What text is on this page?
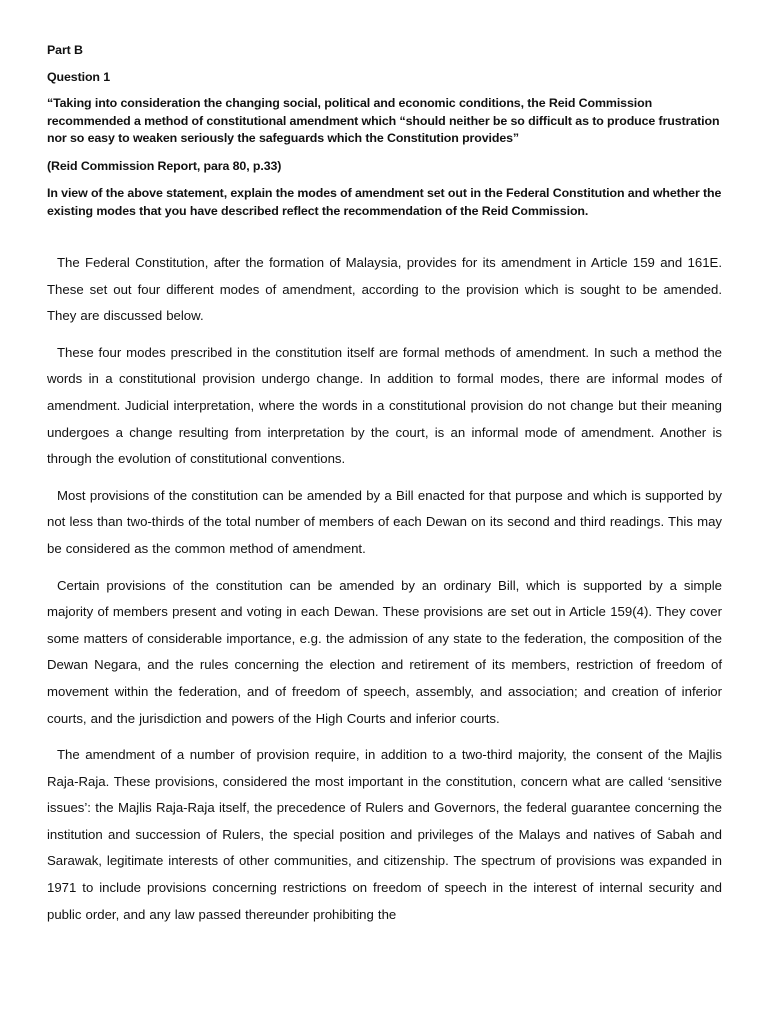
Part B

Question 1

“Taking into consideration the changing social, political and economic conditions, the Reid Commission recommended a method of constitutional amendment which “should neither be so difficult as to produce frustration nor so easy to weaken seriously the safeguards which the Constitution provides”

(Reid Commission Report, para 80, p.33)

In view of the above statement, explain the modes of amendment set out in the Federal Constitution and whether the existing modes that you have described reflect the recommendation of the Reid Commission.

The Federal Constitution, after the formation of Malaysia, provides for its amendment in Article 159 and 161E. These set out four different modes of amendment, according to the provision which is sought to be amended. They are discussed below.

These four modes prescribed in the constitution itself are formal methods of amendment. In such a method the words in a constitutional provision undergo change. In addition to formal modes, there are informal modes of amendment. Judicial interpretation, where the words in a constitutional provision do not change but their meaning undergoes a change resulting from interpretation by the court, is an informal mode of amendment. Another is through the evolution of constitutional conventions.

Most provisions of the constitution can be amended by a Bill enacted for that purpose and which is supported by not less than two-thirds of the total number of members of each Dewan on its second and third readings. This may be considered as the common method of amendment.

Certain provisions of the constitution can be amended by an ordinary Bill, which is supported by a simple majority of members present and voting in each Dewan. These provisions are set out in Article 159(4). They cover some matters of considerable importance, e.g. the admission of any state to the federation, the composition of the Dewan Negara, and the rules concerning the election and retirement of its members, restriction of freedom of movement within the federation, and of freedom of speech, assembly, and association; and creation of inferior courts, and the jurisdiction and powers of the High Courts and inferior courts.

The amendment of a number of provision require, in addition to a two-third majority, the consent of the Majlis Raja-Raja. These provisions, considered the most important in the constitution, concern what are called ‘sensitive issues’: the Majlis Raja-Raja itself, the precedence of Rulers and Governors, the federal guarantee concerning the institution and succession of Rulers, the special position and privileges of the Malays and natives of Sabah and Sarawak, legitimate interests of other communities, and citizenship. The spectrum of provisions was expanded in 1971 to include provisions concerning restrictions on freedom of speech in the interest of internal security and public order, and any law passed thereunder prohibiting the
